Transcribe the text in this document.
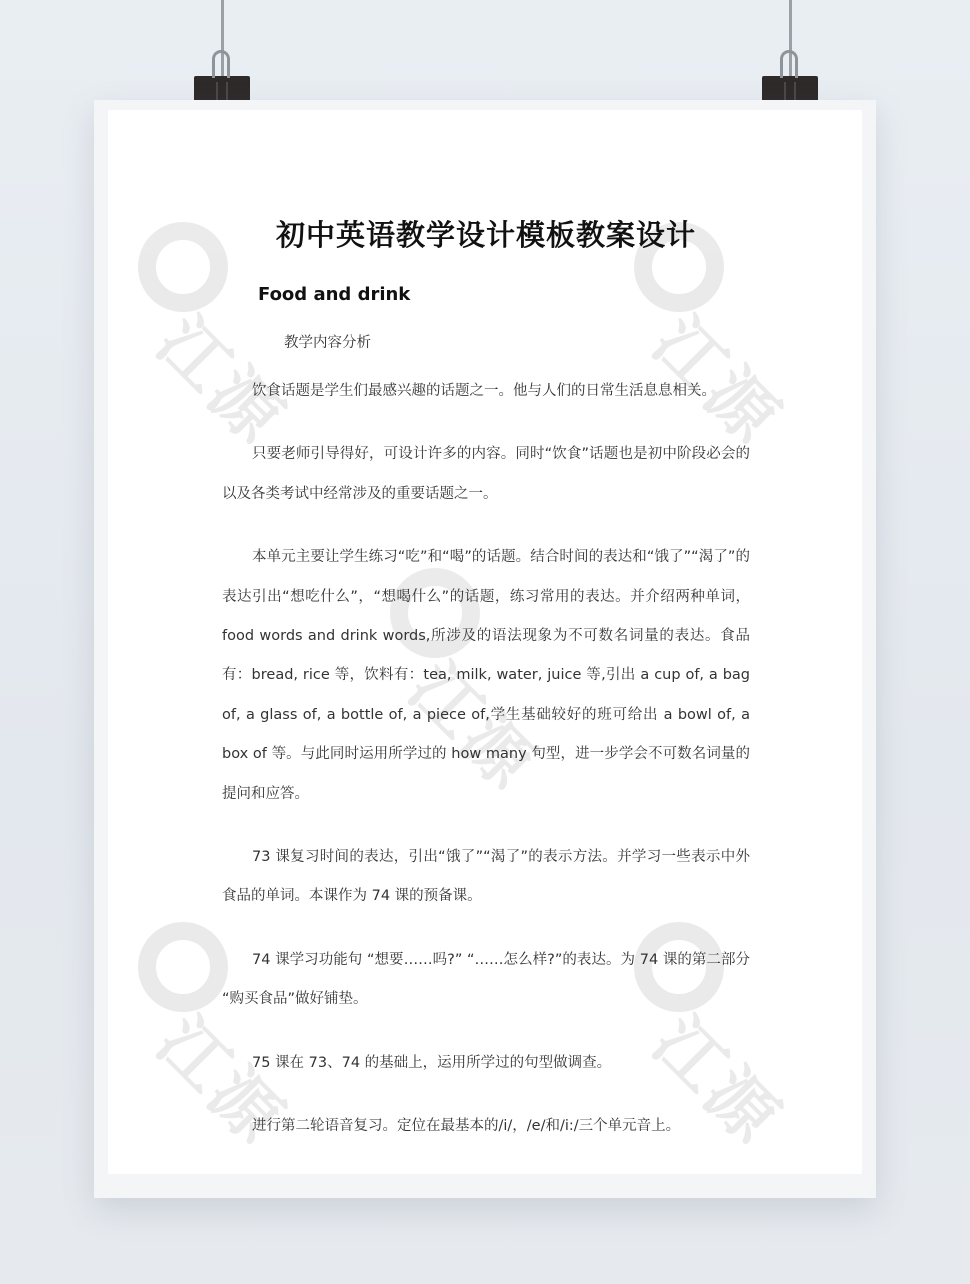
初中英语教学设计模板教案设计
Food and drink
教学内容分析

饮食话题是学生们最感兴趣的话题之一。他与人们的日常生活息息相关。

只要老师引导得好，可设计许多的内容。同时“饮食”话题也是初中阶段必会的以及各类考试中经常涉及的重要话题之一。

本单元主要让学生练习“吃”和“喝”的话题。结合时间的表达和“饿了”“渴了”的表达引出“想吃什么”，“想喝什么”的话题，练习常用的表达。并介绍两种单词，food words and drink words,所涉及的语法现象为不可数名词量的表达。食品有：bread, rice 等，饮料有：tea, milk, water, juice 等,引出 a cup of, a bag of, a glass of, a bottle of, a piece of,学生基础较好的班可给出 a bowl of, a box of 等。与此同时运用所学过的 how many 句型，进一步学会不可数名词量的提问和应答。

73 课复习时间的表达，引出“饿了”“渴了”的表示方法。并学习一些表示中外食品的单词。本课作为 74 课的预备课。

74 课学习功能句 “想要……吗?” “……怎么样?”的表达。为 74 课的第二部分 “购买食品”做好铺垫。

75 课在 73、74 的基础上，运用所学过的句型做调查。

进行第二轮语音复习。定位在最基本的/i/，/e/和/i:/三个单元音上。
